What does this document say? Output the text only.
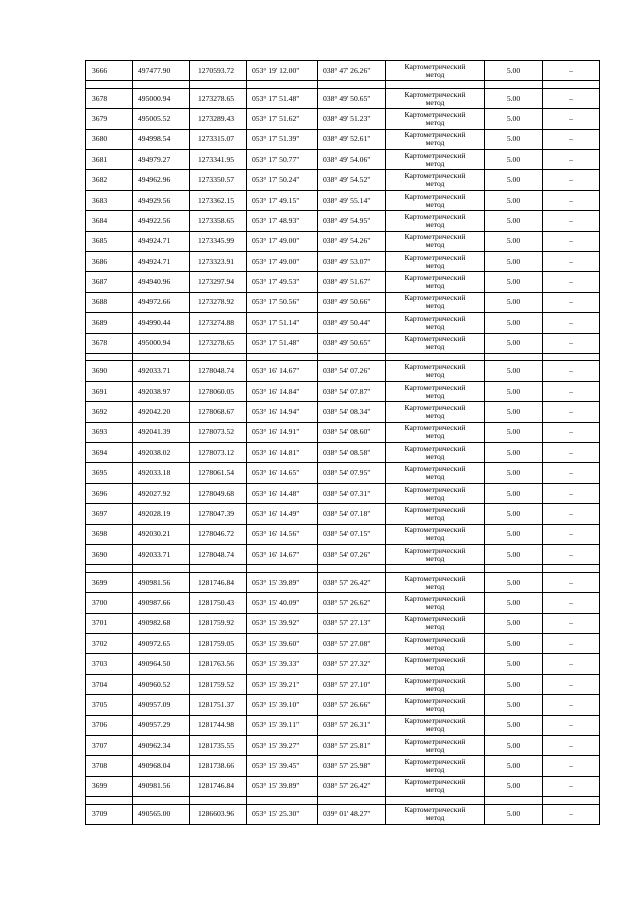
3666	497477.90	1270593.72	053° 19' 12.00"	038° 47' 26.26"	Картометрический
метод	5.00	–

3678	495000.94	1273278.65	053° 17' 51.48"	038° 49' 50.65"	Картометрический
метод	5.00	–
3679	495005.52	1273289.43	053° 17' 51.62"	038° 49' 51.23"	Картометрический
метод	5.00	–
3680	494998.54	1273315.07	053° 17' 51.39"	038° 49' 52.61"	Картометрический
метод	5.00	–
3681	494979.27	1273341.95	053° 17' 50.77"	038° 49' 54.06"	Картометрический
метод	5.00	–
3682	494962.96	1273350.57	053° 17' 50.24"	038° 49' 54.52"	Картометрический
метод	5.00	–
3683	494929.56	1273362.15	053° 17' 49.15"	038° 49' 55.14"	Картометрический
метод	5.00	–
3684	494922.56	1273358.65	053° 17' 48.93"	038° 49' 54.95"	Картометрический
метод	5.00	–
3685	494924.71	1273345.99	053° 17' 49.00"	038° 49' 54.26"	Картометрический
метод	5.00	–
3686	494924.71	1273323.91	053° 17' 49.00"	038° 49' 53.07"	Картометрический
метод	5.00	–
3687	494940.96	1273297.94	053° 17' 49.53"	038° 49' 51.67"	Картометрический
метод	5.00	–
3688	494972.66	1273278.92	053° 17' 50.56"	038° 49' 50.66"	Картометрический
метод	5.00	–
3689	494990.44	1273274.88	053° 17' 51.14"	038° 49' 50.44"	Картометрический
метод	5.00	–
3678	495000.94	1273278.65	053° 17' 51.48"	038° 49' 50.65"	Картометрический
метод	5.00	–

3690	492033.71	1278048.74	053° 16' 14.67"	038° 54' 07.26"	Картометрический
метод	5.00	–
3691	492038.97	1278060.05	053° 16' 14.84"	038° 54' 07.87"	Картометрический
метод	5.00	–
3692	492042.20	1278068.67	053° 16' 14.94"	038° 54' 08.34"	Картометрический
метод	5.00	–
3693	492041.39	1278073.52	053° 16' 14.91"	038° 54' 08.60"	Картометрический
метод	5.00	–
3694	492038.02	1278073.12	053° 16' 14.81"	038° 54' 08.58"	Картометрический
метод	5.00	–
3695	492033.18	1278061.54	053° 16' 14.65"	038° 54' 07.95"	Картометрический
метод	5.00	–
3696	492027.92	1278049.68	053° 16' 14.48"	038° 54' 07.31"	Картометрический
метод	5.00	–
3697	492028.19	1278047.39	053° 16' 14.49"	038° 54' 07.18"	Картометрический
метод	5.00	–
3698	492030.21	1278046.72	053° 16' 14.56"	038° 54' 07.15"	Картометрический
метод	5.00	–
3690	492033.71	1278048.74	053° 16' 14.67"	038° 54' 07.26"	Картометрический
метод	5.00	–

3699	490981.56	1281746.84	053° 15' 39.89"	038° 57' 26.42"	Картометрический
метод	5.00	–
3700	490987.66	1281750.43	053° 15' 40.09"	038° 57' 26.62"	Картометрический
метод	5.00	–
3701	490982.68	1281759.92	053° 15' 39.92"	038° 57' 27.13"	Картометрический
метод	5.00	–
3702	490972.65	1281759.05	053° 15' 39.60"	038° 57' 27.08"	Картометрический
метод	5.00	–
3703	490964.50	1281763.56	053° 15' 39.33"	038° 57' 27.32"	Картометрический
метод	5.00	–
3704	490960.52	1281759.52	053° 15' 39.21"	038° 57' 27.10"	Картометрический
метод	5.00	–
3705	490957.09	1281751.37	053° 15' 39.10"	038° 57' 26.66"	Картометрический
метод	5.00	–
3706	490957.29	1281744.98	053° 15' 39.11"	038° 57' 26.31"	Картометрический
метод	5.00	–
3707	490962.34	1281735.55	053° 15' 39.27"	038° 57' 25.81"	Картометрический
метод	5.00	–
3708	490968.04	1281738.66	053° 15' 39.45"	038° 57' 25.98"	Картометрический
метод	5.00	–
3699	490981.56	1281746.84	053° 15' 39.89"	038° 57' 26.42"	Картометрический
метод	5.00	–

3709	490565.00	1286603.96	053° 15' 25.30"	039° 01' 48.27"	Картометрический
метод	5.00	–
